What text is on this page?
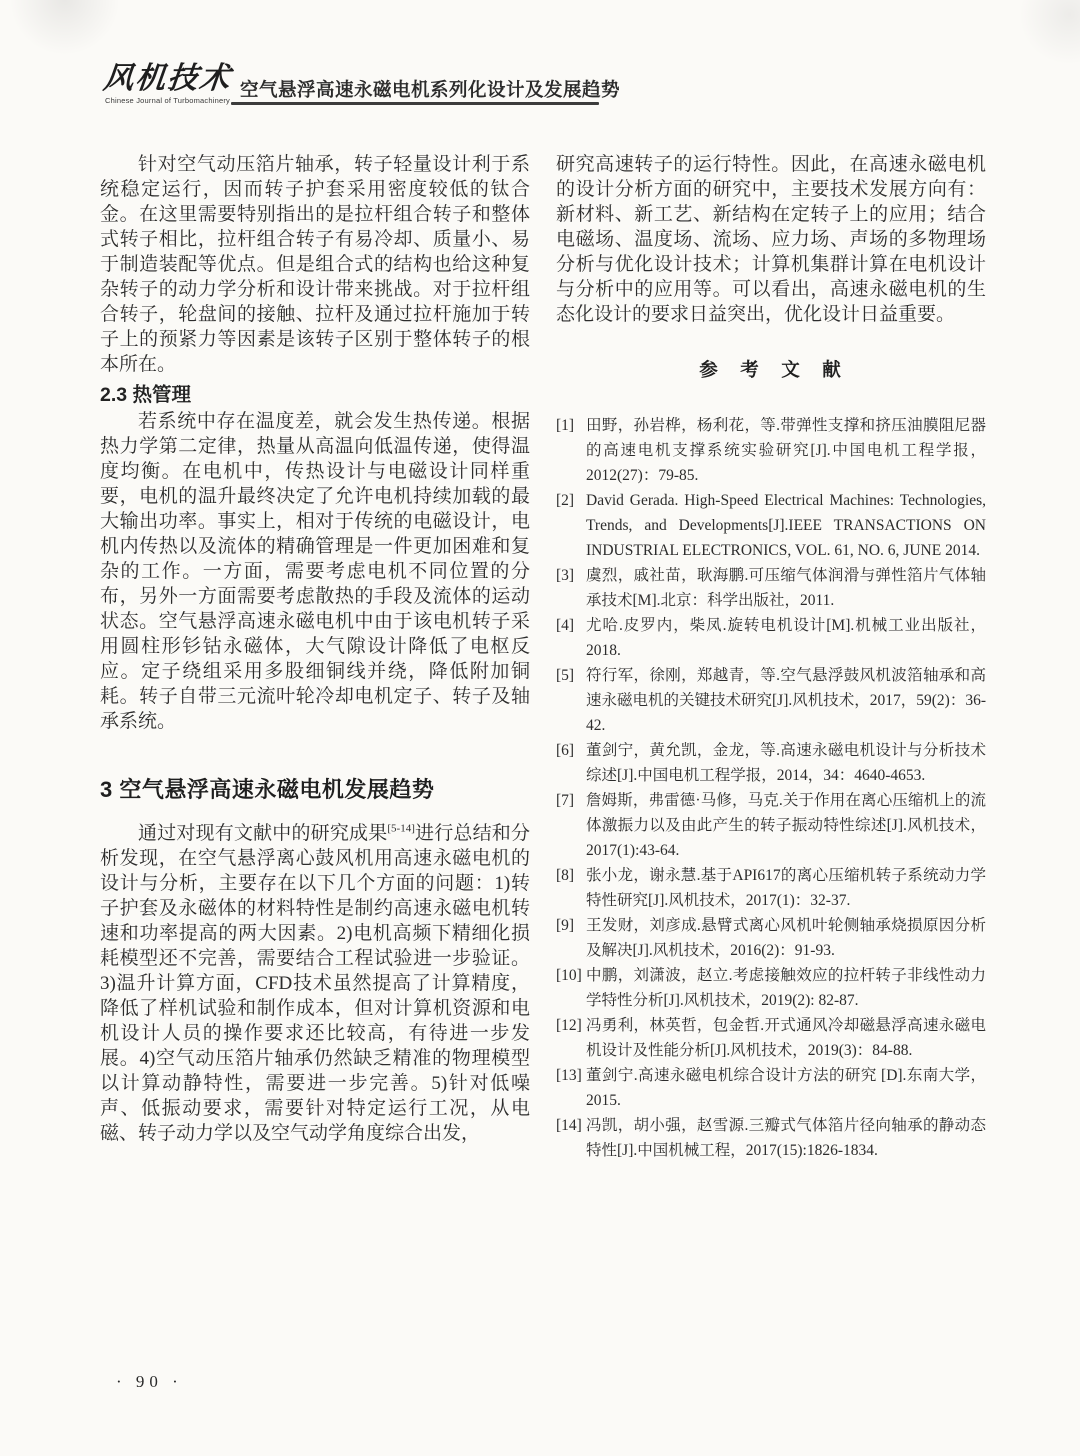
风机技术
Chinese Journal of Turbomachinery 空气悬浮高速永磁电机系列化设计及发展趋势

针对空气动压箔片轴承，转子轻量设计利于系统稳定运行，因而转子护套采用密度较低的钛合金。在这里需要特别指出的是拉杆组合转子和整体式转子相比，拉杆组合转子有易冷却、质量小、易于制造装配等优点。但是组合式的结构也给这种复杂转子的动力学分析和设计带来挑战。对于拉杆组合转子，轮盘间的接触、拉杆及通过拉杆施加于转子上的预紧力等因素是该转子区别于整体转子的根本所在。

2.3 热管理

若系统中存在温度差，就会发生热传递。根据热力学第二定律，热量从高温向低温传递，使得温度均衡。在电机中，传热设计与电磁设计同样重要，电机的温升最终决定了允许电机持续加载的最大输出功率。事实上，相对于传统的电磁设计，电机内传热以及流体的精确管理是一件更加困难和复杂的工作。一方面，需要考虑电机不同位置的分布，另外一方面需要考虑散热的手段及流体的运动状态。空气悬浮高速永磁电机中由于该电机转子采用圆柱形钐钴永磁体，大气隙设计降低了电枢反应。定子绕组采用多股细铜线并绕，降低附加铜耗。转子自带三元流叶轮冷却电机定子、转子及轴承系统。

3 空气悬浮高速永磁电机发展趋势

通过对现有文献中的研究成果[5-14]进行总结和分析发现，在空气悬浮离心鼓风机用高速永磁电机的设计与分析，主要存在以下几个方面的问题：1)转子护套及永磁体的材料特性是制约高速永磁电机转速和功率提高的两大因素。2)电机高频下精细化损耗模型还不完善，需要结合工程试验进一步验证。3)温升计算方面，CFD技术虽然提高了计算精度，降低了样机试验和制作成本，但对计算机资源和电机设计人员的操作要求还比较高，有待进一步发展。4)空气动压箔片轴承仍然缺乏精准的物理模型以计算动静特性，需要进一步完善。5)针对低噪声、低振动要求，需要针对特定运行工况，从电磁、转子动力学以及空气动学角度综合出发，

研究高速转子的运行特性。因此，在高速永磁电机的设计分析方面的研究中，主要技术发展方向有：新材料、新工艺、新结构在定转子上的应用；结合电磁场、温度场、流场、应力场、声场的多物理场分析与优化设计技术；计算机集群计算在电机设计与分析中的应用等。可以看出，高速永磁电机的生态化设计的要求日益突出，优化设计日益重要。

参　考　文　献
[1] 田野，孙岩桦，杨利花，等.带弹性支撑和挤压油膜阻尼器的高速电机支撑系统实验研究[J].中国电机工程学报，2012(27)：79-85.
[2] David Gerada. High-Speed Electrical Machines: Technologies, Trends, and Developments[J].IEEE TRANSACTIONS ON INDUSTRIAL ELECTRONICS, VOL. 61, NO. 6, JUNE 2014.
[3] 虞烈，戚社苗，耿海鹏.可压缩气体润滑与弹性箔片气体轴承技术[M].北京：科学出版社，2011.
[4] 尤哈.皮罗内，柴凤.旋转电机设计[M].机械工业出版社，2018.
[5] 符行军，徐刚，郑越青，等.空气悬浮鼓风机波箔轴承和高速永磁电机的关键技术研究[J].风机技术，2017，59(2)：36-42.
[6] 董剑宁，黄允凯，金龙，等.高速永磁电机设计与分析技术综述[J].中国电机工程学报，2014，34：4640-4653.
[7] 詹姆斯，弗雷德·马修，马克.关于作用在离心压缩机上的流体激振力以及由此产生的转子振动特性综述[J].风机技术，2017(1):43-64.
[8] 张小龙，谢永慧.基于API617的离心压缩机转子系统动力学特性研究[J].风机技术，2017(1)：32-37.
[9] 王发财，刘彦成.悬臂式离心风机叶轮侧轴承烧损原因分析及解决[J].风机技术，2016(2)：91-93.
[10] 中鹏，刘潇波，赵立.考虑接触效应的拉杆转子非线性动力学特性分析[J].风机技术，2019(2): 82-87.
[12] 冯勇利，林英哲，包金哲.开式通风冷却磁悬浮高速永磁电机设计及性能分析[J].风机技术，2019(3)：84-88.
[13] 董剑宁.高速永磁电机综合设计方法的研究 [D].东南大学，2015.
[14] 冯凯，胡小强，赵雪源.三瓣式气体箔片径向轴承的静动态特性[J].中国机械工程，2017(15):1826-1834.
· 90 ·
